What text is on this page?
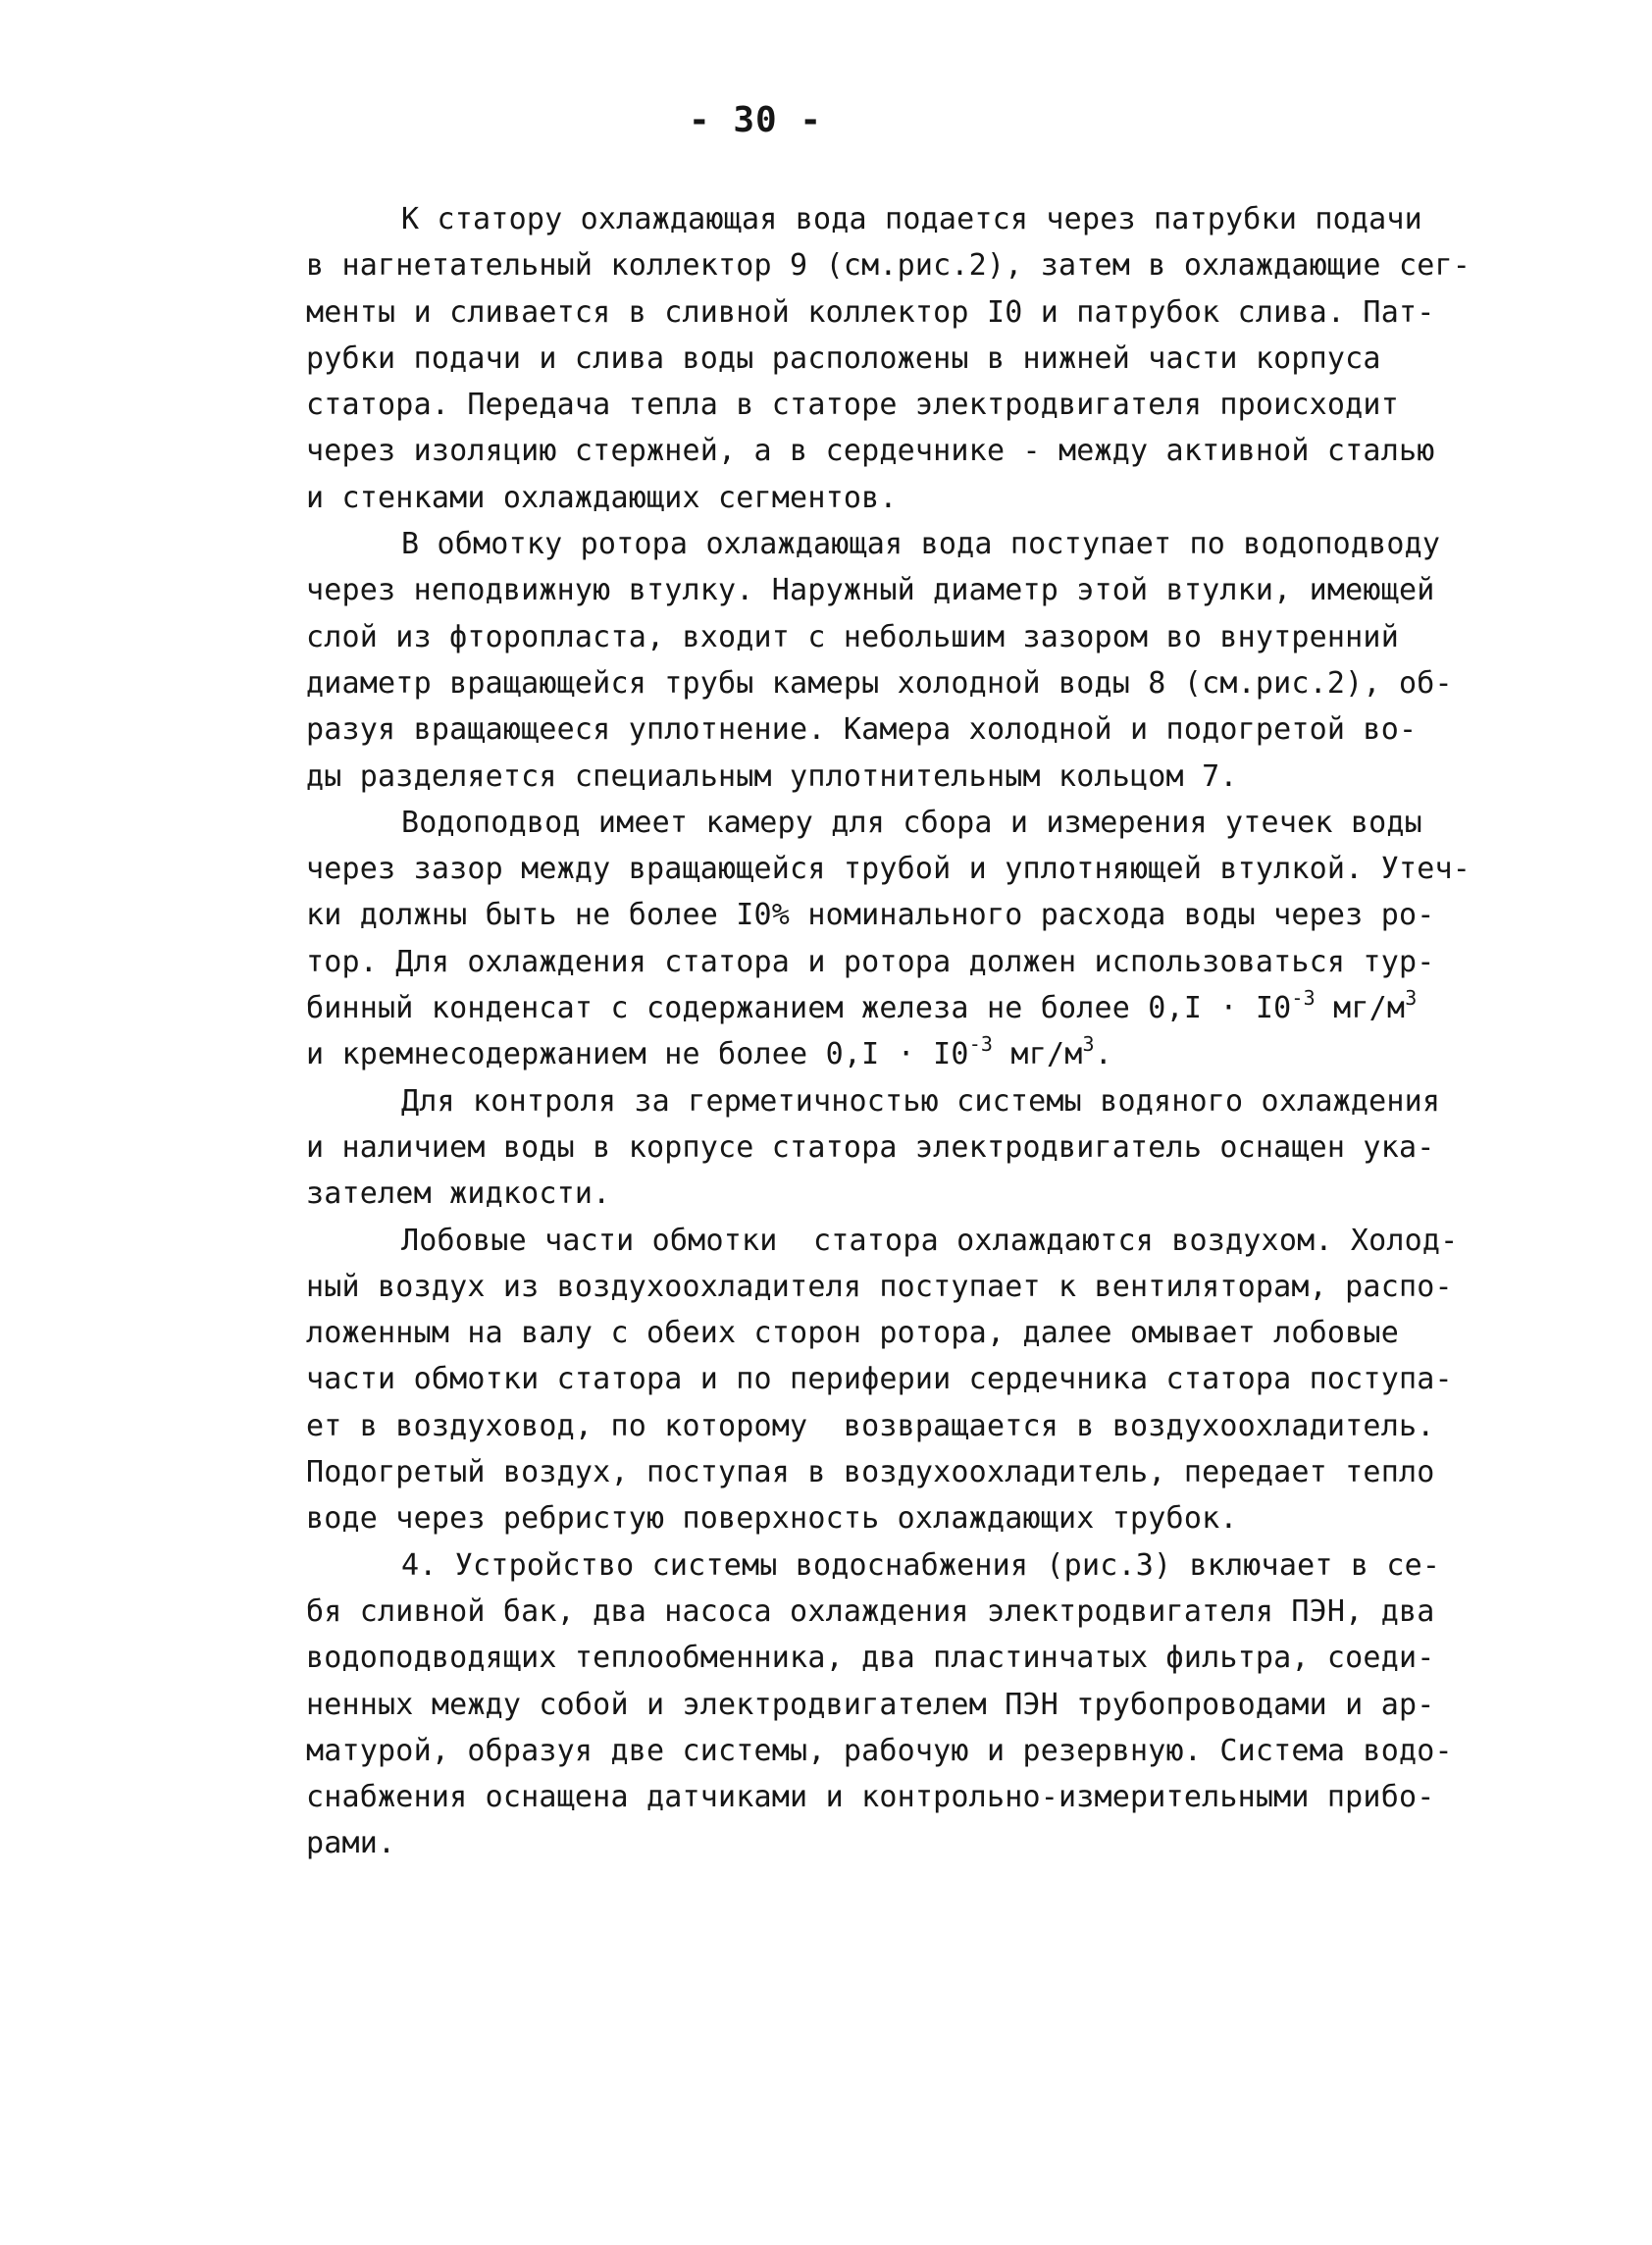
- 30 -
К статору охлаждающая вода подается через патрубки подачи
в нагнетательный коллектор 9 (см.рис.2), затем в охлаждающие сег-
менты и сливается в сливной коллектор I0 и патрубок слива. Пат-
рубки подачи и слива воды расположены в нижней части корпуса
статора. Передача тепла в статоре электродвигателя происходит
через изоляцию стержней, а в сердечнике - между активной сталью
и стенками охлаждающих сегментов.
В обмотку ротора охлаждающая вода поступает по водоподводу
через неподвижную втулку. Наружный диаметр этой втулки, имеющей
слой из фторопласта, входит с небольшим зазором во внутренний
диаметр вращающейся трубы камеры холодной воды 8 (см.рис.2), об-
разуя вращающееся уплотнение. Камера холодной и подогретой во-
ды разделяется специальным уплотнительным кольцом 7.
Водоподвод имеет камеру для сбора и измерения утечек воды
через зазор между вращающейся трубой и уплотняющей втулкой. Утеч-
ки должны быть не более I0% номинального расхода воды через ро-
тор. Для охлаждения статора и ротора должен использоваться тур-
бинный конденсат с содержанием железа не более $0,I \cdot I0^{-3}$ $мг/м^3$
и кремнесодержанием не более $0,I \cdot I0^{-3}$ $мг/м^3$.
Для контроля за герметичностью системы водяного охлаждения
и наличием воды в корпусе статора электродвигатель оснащен ука-
зателем жидкости.
Лобовые части обмотки  статора охлаждаются воздухом. Холод-
ный воздух из воздухоохладителя поступает к вентиляторам, распо-
ложенным на валу с обеих сторон ротора, далее омывает лобовые
части обмотки статора и по периферии сердечника статора поступа-
ет в воздуховод, по которому  возвращается в воздухоохладитель.
Подогретый воздух, поступая в воздухоохладитель, передает тепло
воде через ребристую поверхность охлаждающих трубок.
4. Устройство системы водоснабжения (рис.3) включает в се-
бя сливной бак, два насоса охлаждения электродвигателя ПЭН, два
водоподводящих теплообменника, два пластинчатых фильтра, соеди-
ненных между собой и электродвигателем ПЭН трубопроводами и ар-
матурой, образуя две системы, рабочую и резервную. Система водо-
снабжения оснащена датчиками и контрольно-измерительными прибо-
рами.
